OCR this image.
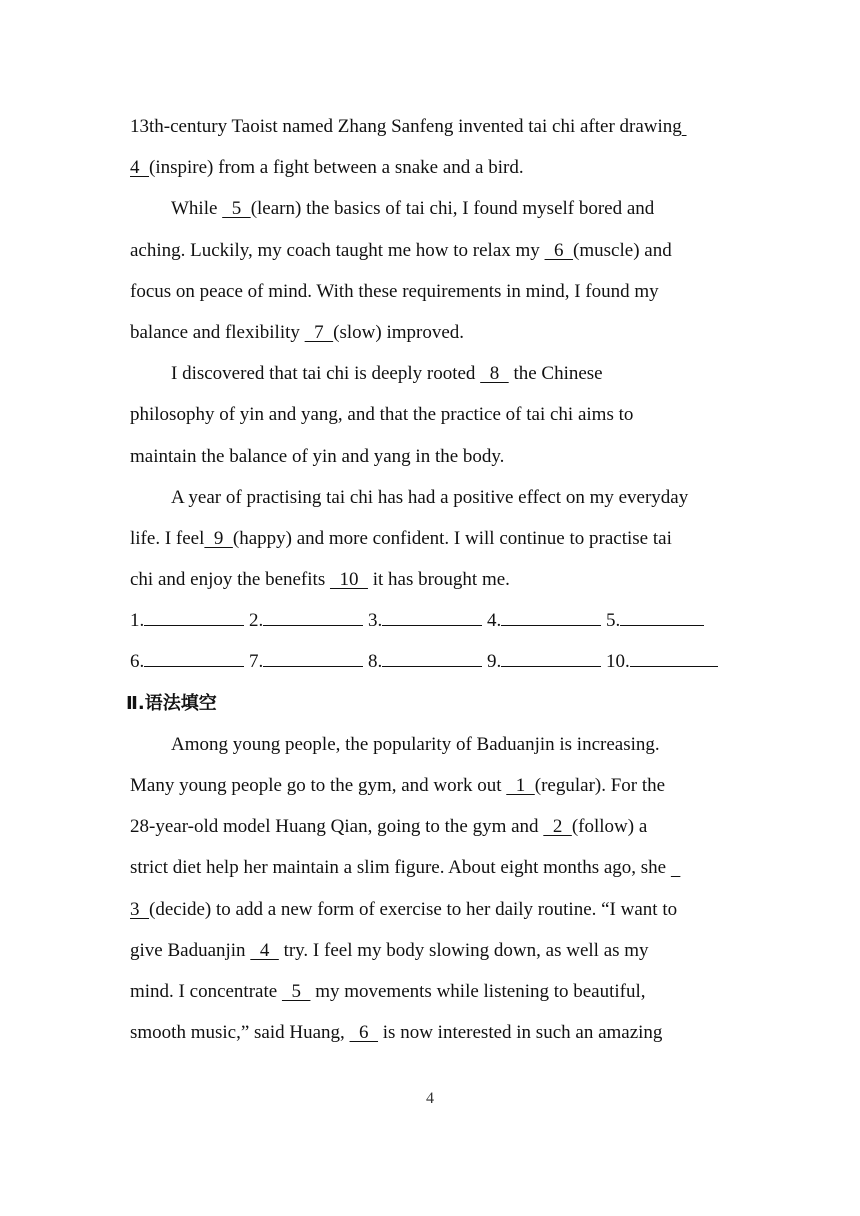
13th-century Taoist named Zhang Sanfeng invented tai chi after drawing
4  (inspire) from a fight between a snake and a bird.
While   5  (learn) the basics of tai chi, I found myself bored and
aching. Luckily, my coach taught me how to relax my   6  (muscle) and
focus on peace of mind. With these requirements in mind, I found my
balance and flexibility   7  (slow) improved.
I discovered that tai chi is deeply rooted   8   the Chinese
philosophy of yin and yang, and that the practice of tai chi aims to
maintain the balance of yin and yang in the body.
A year of practising tai chi has had a positive effect on my everyday
life. I feel  9  (happy) and more confident. I will continue to practise tai
chi and enjoy the benefits   10   it has brought me.
1.	2.	3.	4.	5.
6.	7.	8.	9.	10.
Ⅱ.语法填空
Among young people, the popularity of Baduanjin is increasing.
Many young people go to the gym, and work out   1  (regular). For the
28-year-old model Huang Qian, going to the gym and   2  (follow) a
strict diet help her maintain a slim figure. About eight months ago, she
3  (decide) to add a new form of exercise to her daily routine. “I want to
give Baduanjin   4   try. I feel my body slowing down, as well as my
mind. I concentrate   5   my movements while listening to beautiful,
smooth music,” said Huang,   6   is now interested in such an amazing
4
